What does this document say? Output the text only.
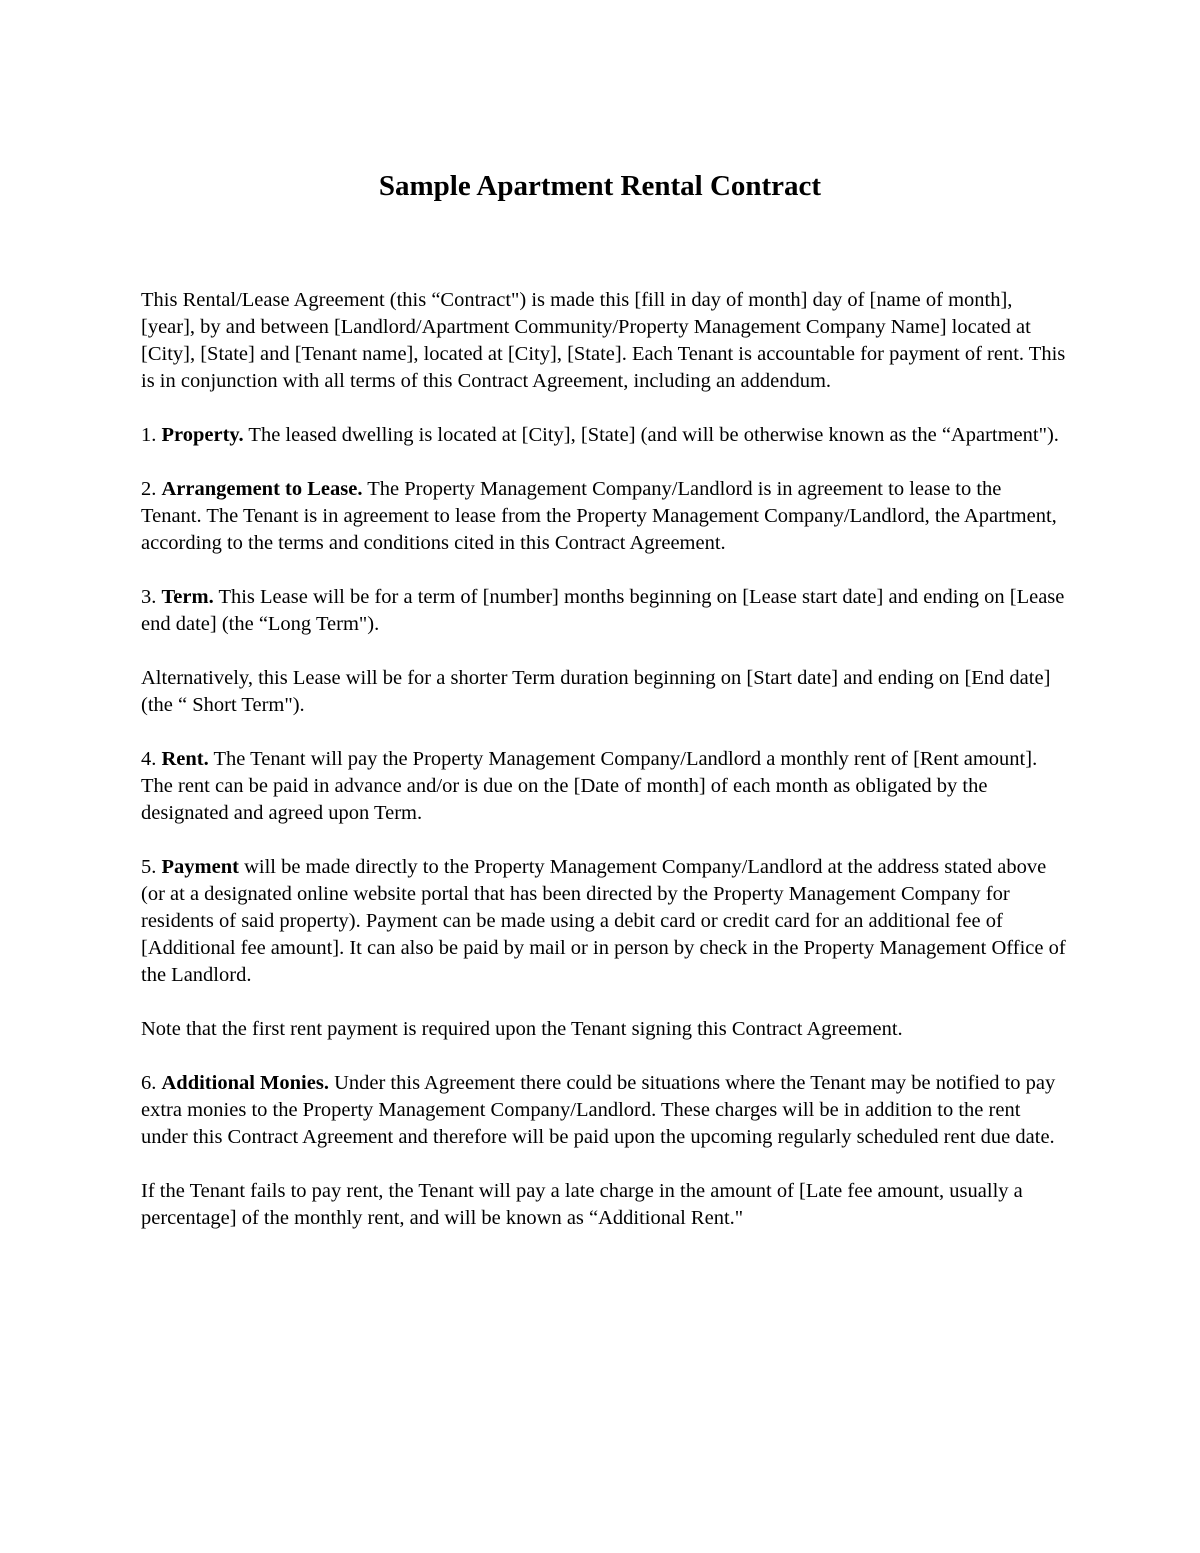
Sample Apartment Rental Contract

This Rental/Lease Agreement (this “Contract") is made this [fill in day of month] day of [name of month], [year], by and between [Landlord/Apartment Community/Property Management Company Name] located at [City], [State] and [Tenant name], located at [City], [State]. Each Tenant is accountable for payment of rent. This is in conjunction with all terms of this Contract Agreement, including an addendum.

1. Property. The leased dwelling is located at [City], [State] (and will be otherwise known as the “Apartment").

2. Arrangement to Lease. The Property Management Company/Landlord is in agreement to lease to the Tenant. The Tenant is in agreement to lease from the Property Management Company/Landlord, the Apartment, according to the terms and conditions cited in this Contract Agreement.

3. Term. This Lease will be for a term of [number] months beginning on [Lease start date] and ending on [Lease end date] (the “Long Term").

Alternatively, this Lease will be for a shorter Term duration beginning on [Start date] and ending on [End date] (the “ Short Term").

4. Rent. The Tenant will pay the Property Management Company/Landlord a monthly rent of [Rent amount]. The rent can be paid in advance and/or is due on the [Date of month] of each month as obligated by the designated and agreed upon Term.

5. Payment will be made directly to the Property Management Company/Landlord at the address stated above (or at a designated online website portal that has been directed by the Property Management Company for residents of said property). Payment can be made using a debit card or credit card for an additional fee of [Additional fee amount]. It can also be paid by mail or in person by check in the Property Management Office of the Landlord.

Note that the first rent payment is required upon the Tenant signing this Contract Agreement.

6. Additional Monies. Under this Agreement there could be situations where the Tenant may be notified to pay extra monies to the Property Management Company/Landlord. These charges will be in addition to the rent under this Contract Agreement and therefore will be paid upon the upcoming regularly scheduled rent due date.

If the Tenant fails to pay rent, the Tenant will pay a late charge in the amount of [Late fee amount, usually a percentage] of the monthly rent, and will be known as “Additional Rent."
